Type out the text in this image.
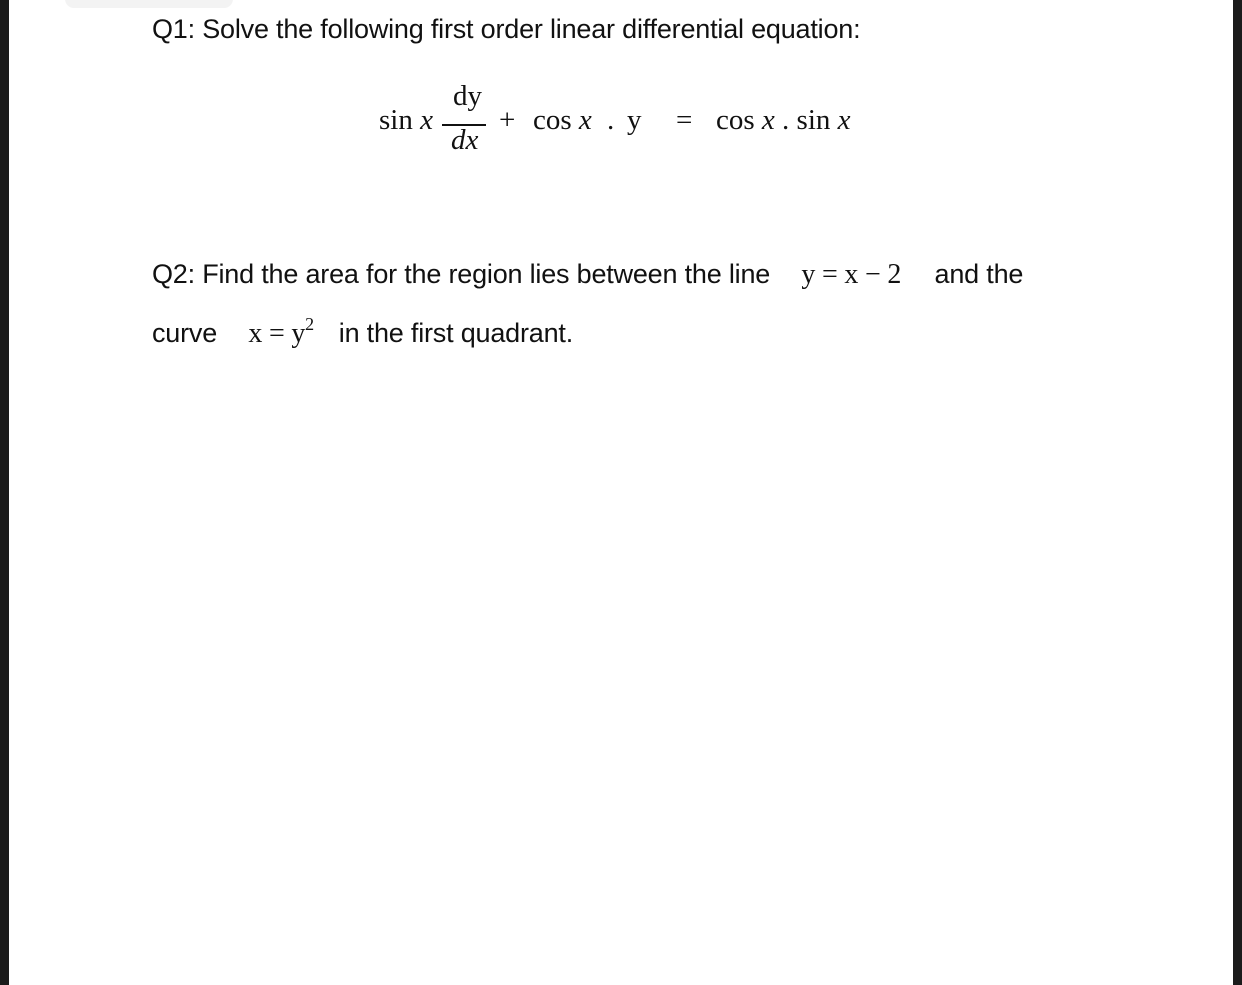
Q1: Solve the following first order linear differential equation:
sin x
dy
dx
+ cos x . y = cos x . sin x
Q2: Find the area for the region lies between the line y = x − 2 and the
curve $x = y^2$ in the first quadrant.
